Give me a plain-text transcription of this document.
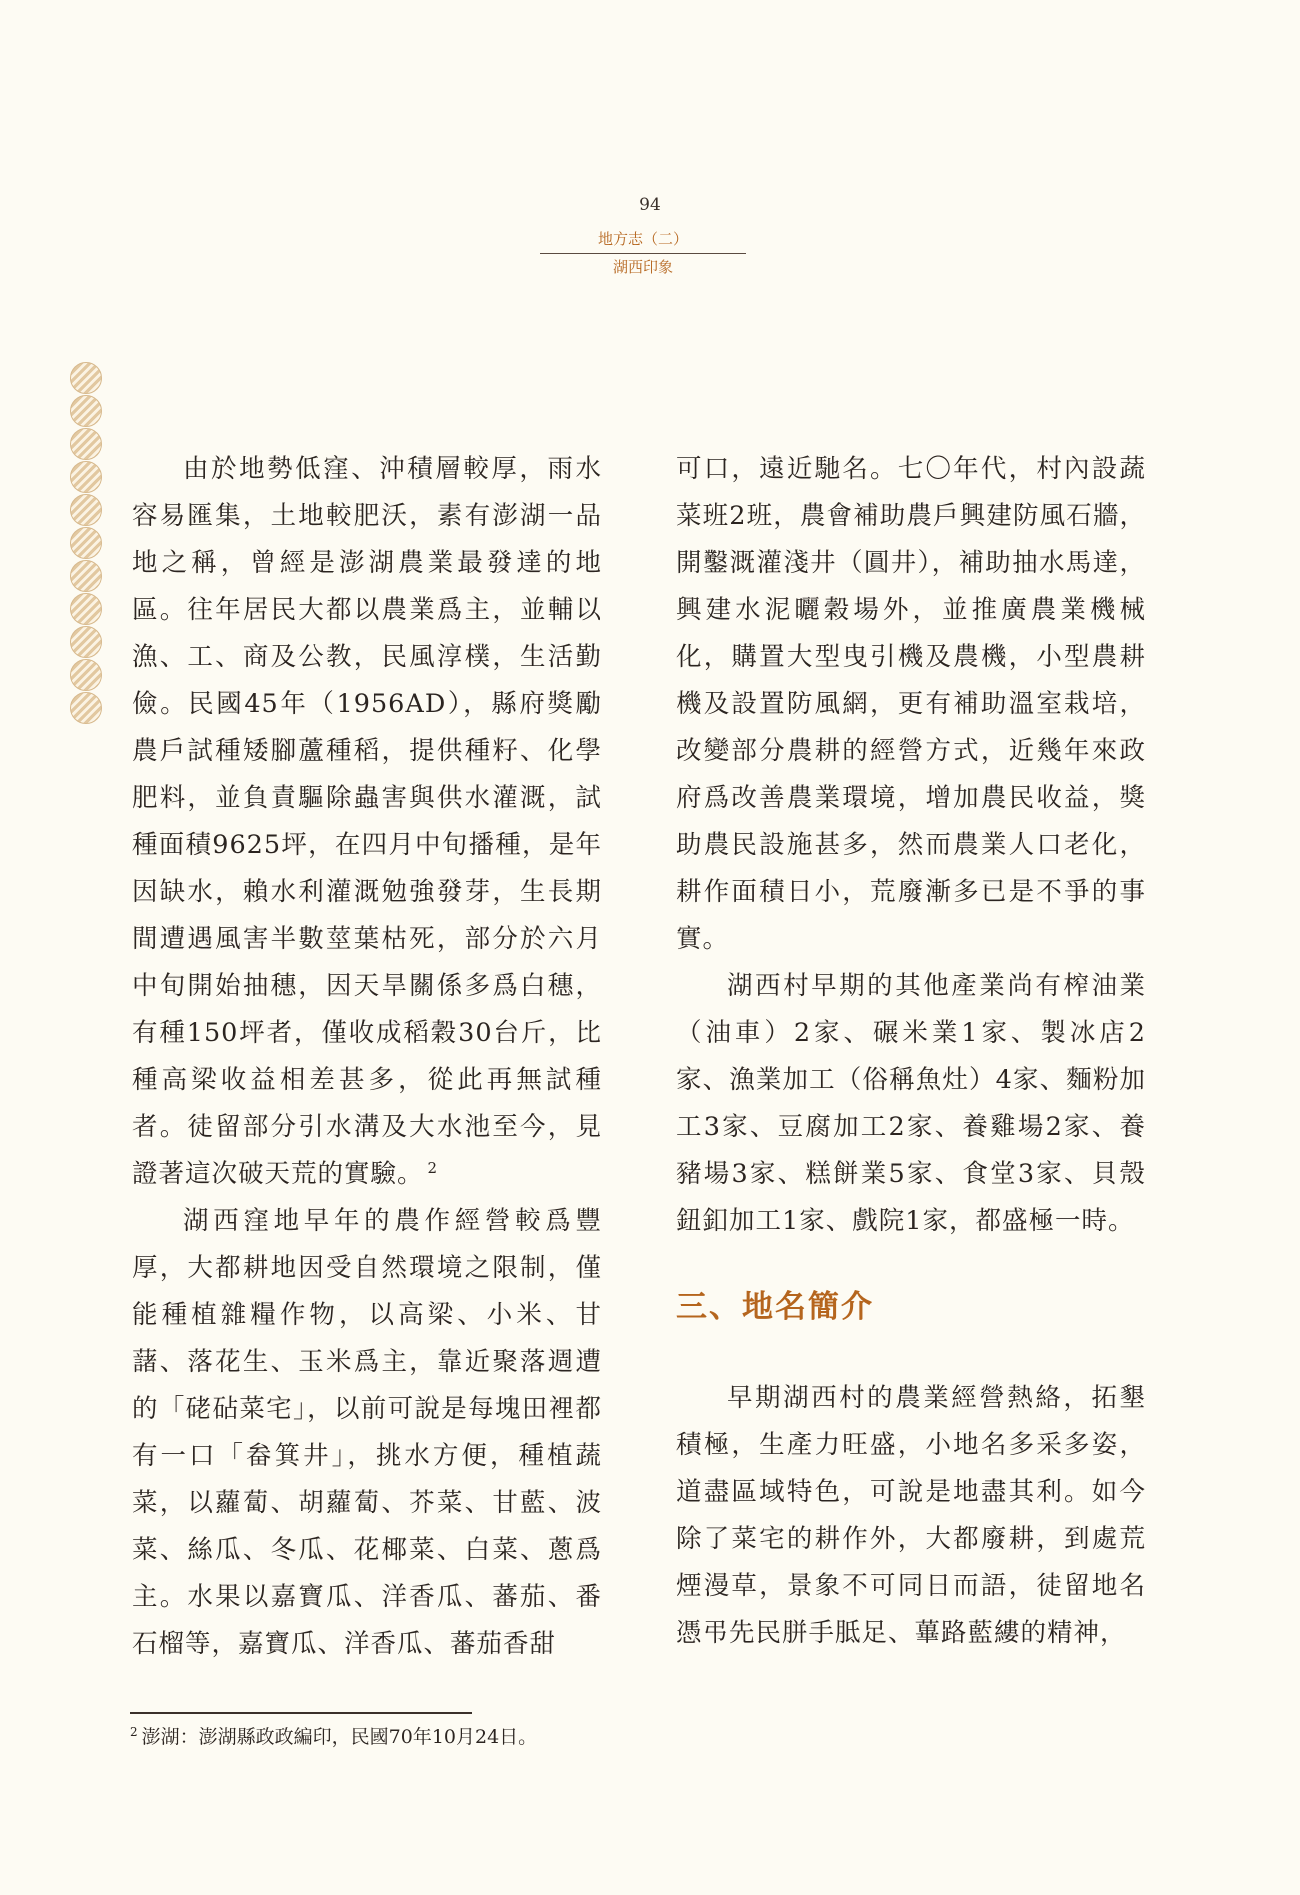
94
地方志（二）
湖西印象

由於地勢低窪、沖積層較厚，雨水容易匯集，土地較肥沃，素有澎湖一品地之稱，曾經是澎湖農業最發達的地區。往年居民大都以農業爲主，並輔以漁、工、商及公教，民風淳樸，生活勤儉。民國45年（1956AD），縣府獎勵農戶試種矮腳蘆種稻，提供種籽、化學肥料，並負責驅除蟲害與供水灌溉，試種面積9625坪，在四月中旬播種，是年因缺水，賴水利灌溉勉強發芽，生長期間遭遇風害半數莖葉枯死，部分於六月中旬開始抽穗，因天旱關係多爲白穗，有種150坪者，僅收成稻穀30台斤，比種高梁收益相差甚多，從此再無試種者。徒留部分引水溝及大水池至今，見證著這次破天荒的實驗。 $^2$

湖西窪地早年的農作經營較爲豐厚，大都耕地因受自然環境之限制，僅能種植雜糧作物，以高梁、小米、甘藷、落花生、玉米爲主，靠近聚落週遭的「硓砧菜宅」，以前可說是每塊田裡都有一口「畚箕井」，挑水方便，種植蔬菜，以蘿蔔、胡蘿蔔、芥菜、甘藍、波菜、絲瓜、冬瓜、花椰菜、白菜、蔥爲主。水果以嘉寶瓜、洋香瓜、蕃茄、番石榴等，嘉寶瓜、洋香瓜、蕃茄香甜

可口，遠近馳名。七〇年代，村內設蔬菜班2班，農會補助農戶興建防風石牆，開鑿溉灌淺井（圓井），補助抽水馬達，興建水泥曬穀場外，並推廣農業機械化，購置大型曳引機及農機，小型農耕機及設置防風網，更有補助溫室栽培，改變部分農耕的經營方式，近幾年來政府爲改善農業環境，增加農民收益，獎助農民設施甚多，然而農業人口老化，耕作面積日小，荒廢漸多已是不爭的事實。

湖西村早期的其他產業尚有榨油業（油車）2家、碾米業1家、製冰店2家、漁業加工（俗稱魚灶）4家、麵粉加工3家、豆腐加工2家、養雞場2家、養豬場3家、糕餅業5家、食堂3家、貝殼鈕釦加工1家、戲院1家，都盛極一時。

三、地名簡介

早期湖西村的農業經營熱絡，拓墾積極，生產力旺盛，小地名多采多姿，道盡區域特色，可說是地盡其利。如今除了菜宅的耕作外，大都廢耕，到處荒煙漫草，景象不可同日而語，徒留地名憑弔先民胼手胝足、蓽路藍縷的精神，

$^2$ 澎湖：澎湖縣政政編印，民國70年10月24日。
